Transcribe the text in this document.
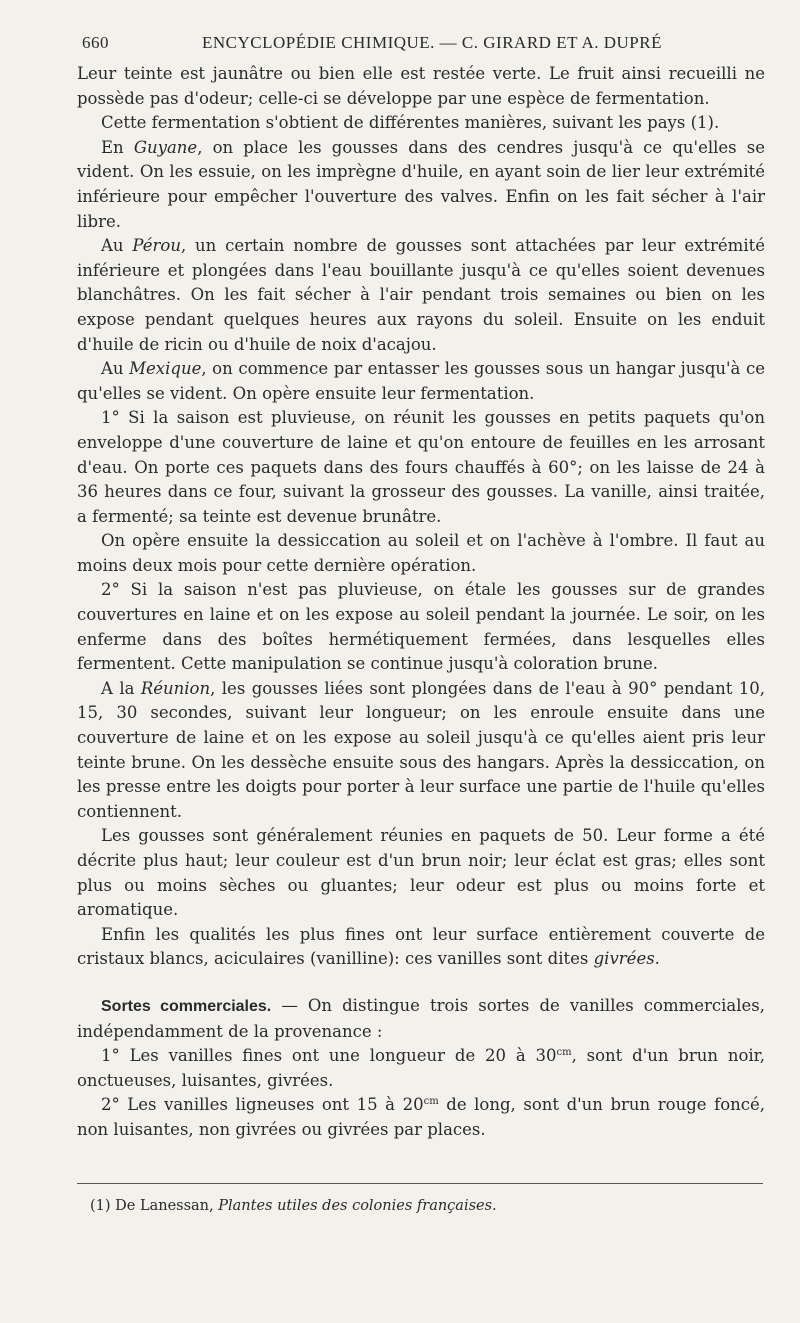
660	ENCYCLOPÉDIE CHIMIQUE. — C. GIRARD ET A. DUPRÉ

Leur teinte est jaunâtre ou bien elle est restée verte. Le fruit ainsi recueilli ne possède pas d'odeur; celle-ci se développe par une espèce de fermentation.

Cette fermentation s'obtient de différentes manières, suivant les pays (1).

En Guyane, on place les gousses dans des cendres jusqu'à ce qu'elles se vident. On les essuie, on les imprègne d'huile, en ayant soin de lier leur extrémité inférieure pour empêcher l'ouverture des valves. Enfin on les fait sécher à l'air libre.

Au Pérou, un certain nombre de gousses sont attachées par leur extrémité inférieure et plongées dans l'eau bouillante jusqu'à ce qu'elles soient devenues blanchâtres. On les fait sécher à l'air pendant trois semaines ou bien on les expose pendant quelques heures aux rayons du soleil. Ensuite on les enduit d'huile de ricin ou d'huile de noix d'acajou.

Au Mexique, on commence par entasser les gousses sous un hangar jusqu'à ce qu'elles se vident. On opère ensuite leur fermentation.

1° Si la saison est pluvieuse, on réunit les gousses en petits paquets qu'on enveloppe d'une couverture de laine et qu'on entoure de feuilles en les arrosant d'eau. On porte ces paquets dans des fours chauffés à 60°; on les laisse de 24 à 36 heures dans ce four, suivant la grosseur des gousses. La vanille, ainsi traitée, a fermenté; sa teinte est devenue brunâtre.

On opère ensuite la dessiccation au soleil et on l'achève à l'ombre. Il faut au moins deux mois pour cette dernière opération.

2° Si la saison n'est pas pluvieuse, on étale les gousses sur de grandes couvertures en laine et on les expose au soleil pendant la journée. Le soir, on les enferme dans des boîtes hermétiquement fermées, dans lesquelles elles fermentent. Cette manipulation se continue jusqu'à coloration brune.

A la Réunion, les gousses liées sont plongées dans de l'eau à 90° pendant 10, 15, 30 secondes, suivant leur longueur; on les enroule ensuite dans une couverture de laine et on les expose au soleil jusqu'à ce qu'elles aient pris leur teinte brune. On les dessèche ensuite sous des hangars. Après la dessiccation, on les presse entre les doigts pour porter à leur surface une partie de l'huile qu'elles contiennent.

Les gousses sont généralement réunies en paquets de 50. Leur forme a été décrite plus haut; leur couleur est d'un brun noir; leur éclat est gras; elles sont plus ou moins sèches ou gluantes; leur odeur est plus ou moins forte et aromatique.

Enfin les qualités les plus fines ont leur surface entièrement couverte de cristaux blancs, aciculaires (vanilline): ces vanilles sont dites givrées.

Sortes commerciales. — On distingue trois sortes de vanilles commerciales, indépendamment de la provenance :

1° Les vanilles fines ont une longueur de 20 à $30^{cm}$, sont d'un brun noir, onctueuses, luisantes, givrées.

2° Les vanilles ligneuses ont 15 à $20^{cm}$ de long, sont d'un brun rouge foncé, non luisantes, non givrées ou givrées par places.

(1) De Lanessan, Plantes utiles des colonies françaises.
